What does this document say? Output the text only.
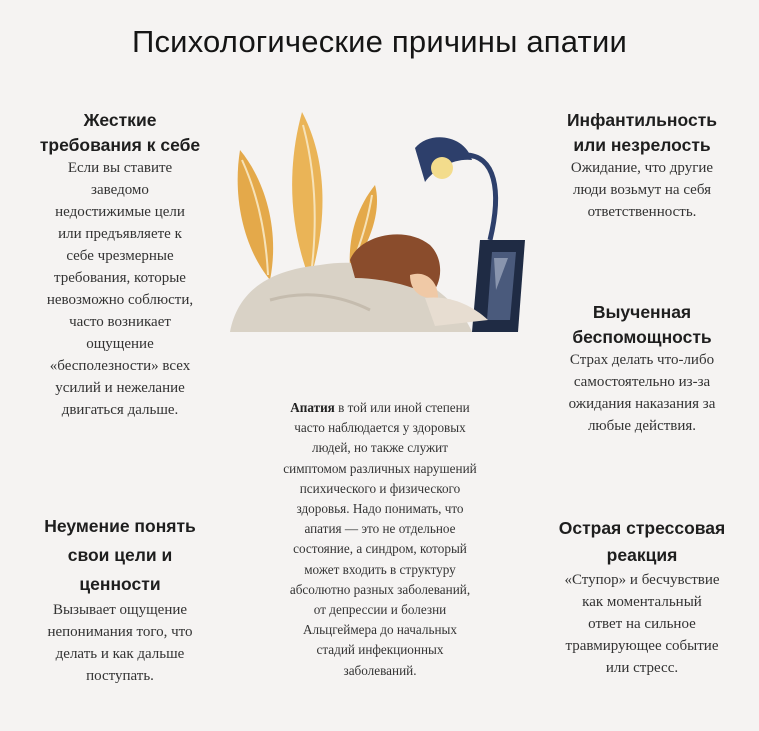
Психологические причины апатии
Жесткие
требования к себе

Если вы ставите
заведомо
недостижимые цели
или предъявляете к
себе чрезмерные
требования, которые
невозможно соблюсти,
часто возникает
ощущение
«бесполезности» всех
усилий и нежелание
двигаться дальше.

Инфантильность
или незрелость

Ожидание, что другие
люди возьмут на себя
ответственность.

Выученная
беспомощность

Страх делать что-либо
самостоятельно из-за
ожидания наказания за
любые действия.

Неумение понять
свои цели и
ценности

Вызывает ощущение
непонимания того, что
делать и как дальше
поступать.

Острая стрессовая
реакция

«Ступор» и бесчувствие
как моментальный
ответ на сильное
травмирующее событие
или стресс.

Апатия в той или иной степени
часто наблюдается у здоровых
людей, но также служит
симптомом различных нарушений
психического и физического
здоровья. Надо понимать, что
апатия — это не отдельное
состояние, а синдром, который
может входить в структуру
абсолютно разных заболеваний,
от депрессии и болезни
Альцгеймера до начальных
стадий инфекционных
заболеваний.
